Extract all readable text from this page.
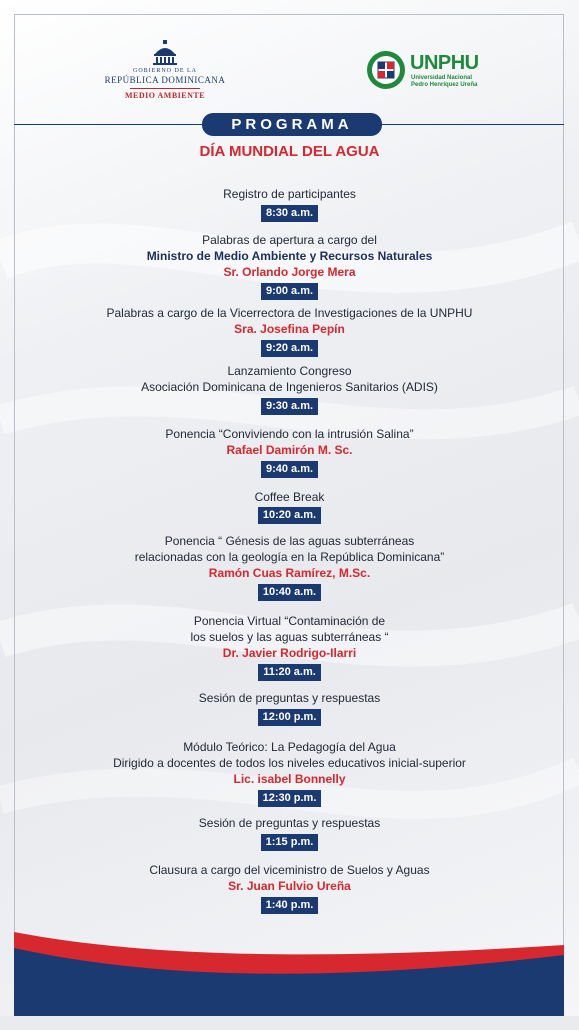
GOBIERNO DE LA
REPÚBLICA DOMINICANA
MEDIO AMBIENTE
UNPHU
Universidad Nacional
Pedro Henríquez Ureña
PROGRAMA
DÍA MUNDIAL DEL AGUA
Registro de participantes
8:30 a.m.
Palabras de apertura a cargo del
Ministro de Medio Ambiente y Recursos Naturales
Sr. Orlando Jorge Mera
9:00 a.m.
Palabras a cargo de la Vicerrectora de Investigaciones de la UNPHU
Sra. Josefina Pepín
9:20 a.m.
Lanzamiento Congreso
Asociación Dominicana de Ingenieros Sanitarios (ADIS)
9:30 a.m.
Ponencia “Conviviendo con la intrusión Salina”
Rafael Damirón M. Sc.
9:40 a.m.
Coffee Break
10:20 a.m.
Ponencia “ Génesis de las aguas subterráneas
relacionadas con la geología en la República Dominicana”
Ramón Cuas Ramírez, M.Sc.
10:40 a.m.
Ponencia Virtual “Contaminación de
los suelos y las aguas subterráneas “
Dr. Javier Rodrigo-Ilarri
11:20 a.m.
Sesión de preguntas y respuestas
12:00 p.m.
Módulo Teórico: La Pedagogía del Agua
Dirigido a docentes de todos los niveles educativos inicial-superior
Lic. isabel Bonnelly
12:30 p.m.
Sesión de preguntas y respuestas
1:15 p.m.
Clausura a cargo del viceministro de Suelos y Aguas
Sr. Juan Fulvio Ureña
1:40 p.m.
